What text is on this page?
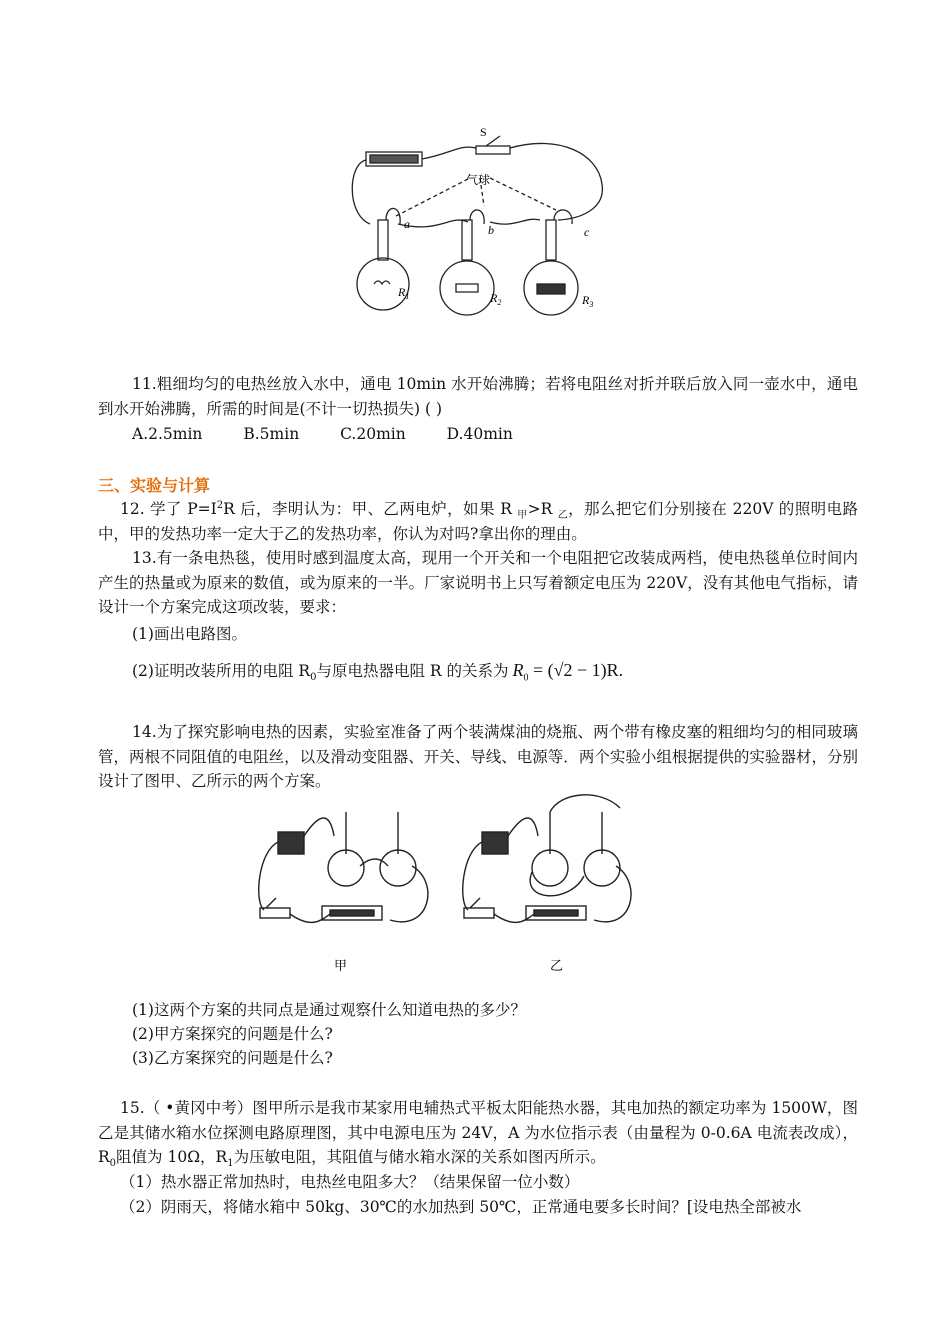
S
气球
a	b	c
$R_1$	$R_2$	$R_3$
11.粗细均匀的电热丝放入水中，通电 10min 水开始沸腾；若将电阻丝对折并联后放入同一壶水中，通电到水开始沸腾，所需的时间是(不计一切热损失) ( )
A.2.5min	B.5min	C.20min	D.40min
三、实验与计算
12. 学了 $P=I^2R$ 后，李明认为：甲、乙两电炉，如果 R $_甲$>R $_乙$，那么把它们分别接在 220V 的照明电路中，甲的发热功率一定大于乙的发热功率，你认为对吗?拿出你的理由。
13.有一条电热毯，使用时感到温度太高，现用一个开关和一个电阻把它改装成两档，使电热毯单位时间内产生的热量或为原来的数值，或为原来的一半。厂家说明书上只写着额定电压为 220V，没有其他电气指标，请设计一个方案完成这项改装，要求：
(1)画出电路图。
(2)证明改装所用的电阻 $R_0$与原电热器电阻 R 的关系为 $R_0 = (√2 - 1)R$.
14.为了探究影响电热的因素，实验室准备了两个装满煤油的烧瓶、两个带有橡皮塞的粗细均匀的相同玻璃管，两根不同阻值的电阻丝，以及滑动变阻器、开关、导线、电源等．两个实验小组根据提供的实验器材，分别设计了图甲、乙所示的两个方案。
甲	乙
(1)这两个方案的共同点是通过观察什么知道电热的多少？
(2)甲方案探究的问题是什么?
(3)乙方案探究的问题是什么?
15.（ •黄冈中考）图甲所示是我市某家用电辅热式平板太阳能热水器，其电加热的额定功率为 1500W，图乙是其储水箱水位探测电路原理图，其中电源电压为 24V，A 为水位指示表（由量程为 0-0.6A 电流表改成），$R_0$阻值为 10Ω，$R_1$为压敏电阻，其阻值与储水箱水深的关系如图丙所示。
（1）热水器正常加热时，电热丝电阻多大？（结果保留一位小数）
（2）阴雨天，将储水箱中 50kg、30℃的水加热到 50℃，正常通电要多长时间？[设电热全部被水
